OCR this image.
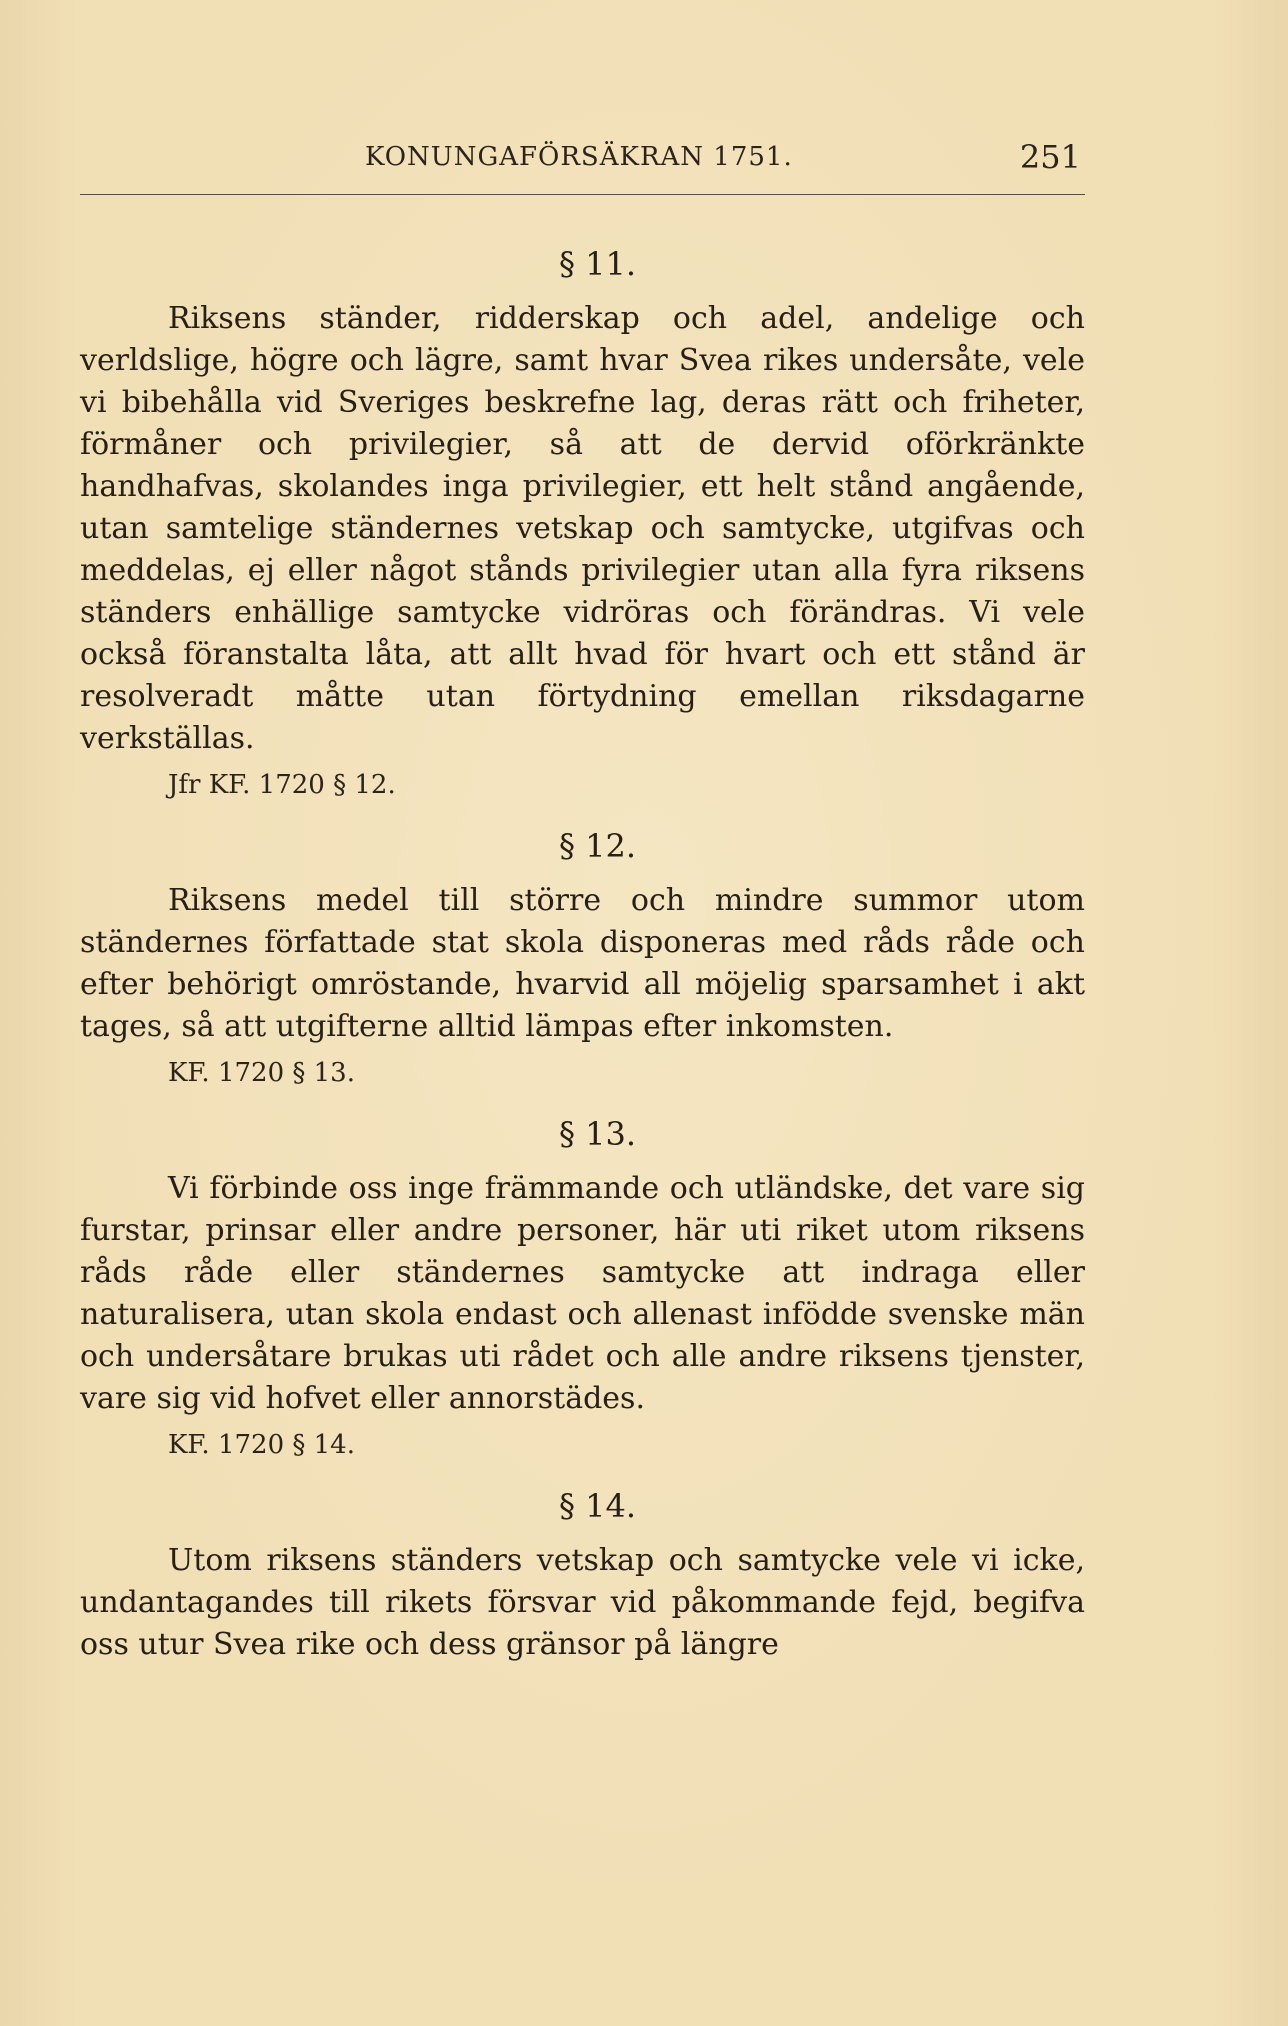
KONUNGAFÖRSÄKRAN 1751.	251
§ 11.

Riksens ständer, ridderskap och adel, andelige och verldslige, högre och lägre, samt hvar Svea rikes undersåte, vele vi bibehålla vid Sveriges beskrefne lag, deras rätt och friheter, förmåner och privilegier, så att de dervid oförkränkte handhafvas, skolandes inga privilegier, ett helt stånd angående, utan samtelige ständernes vetskap och samtycke, utgifvas och meddelas, ej eller något stånds privilegier utan alla fyra riksens ständers enhällige samtycke vidröras och förändras. Vi vele också föranstalta låta, att allt hvad för hvart och ett stånd är resolveradt måtte utan förtydning emellan riksdagarne verkställas.

Jfr KF. 1720 § 12.
§ 12.

Riksens medel till större och mindre summor utom ständernes författade stat skola disponeras med råds råde och efter behörigt omröstande, hvarvid all möjelig sparsamhet i akt tages, så att utgifterne alltid lämpas efter inkomsten.

KF. 1720 § 13.
§ 13.

Vi förbinde oss inge främmande och utländske, det vare sig furstar, prinsar eller andre personer, här uti riket utom riksens råds råde eller ständernes samtycke att indraga eller naturalisera, utan skola endast och allenast infödde svenske män och undersåtare brukas uti rådet och alle andre riksens tjenster, vare sig vid hofvet eller annorstädes.

KF. 1720 § 14.
§ 14.

Utom riksens ständers vetskap och samtycke vele vi icke, undantagandes till rikets försvar vid påkommande fejd, begifva oss utur Svea rike och dess gränsor på längre
